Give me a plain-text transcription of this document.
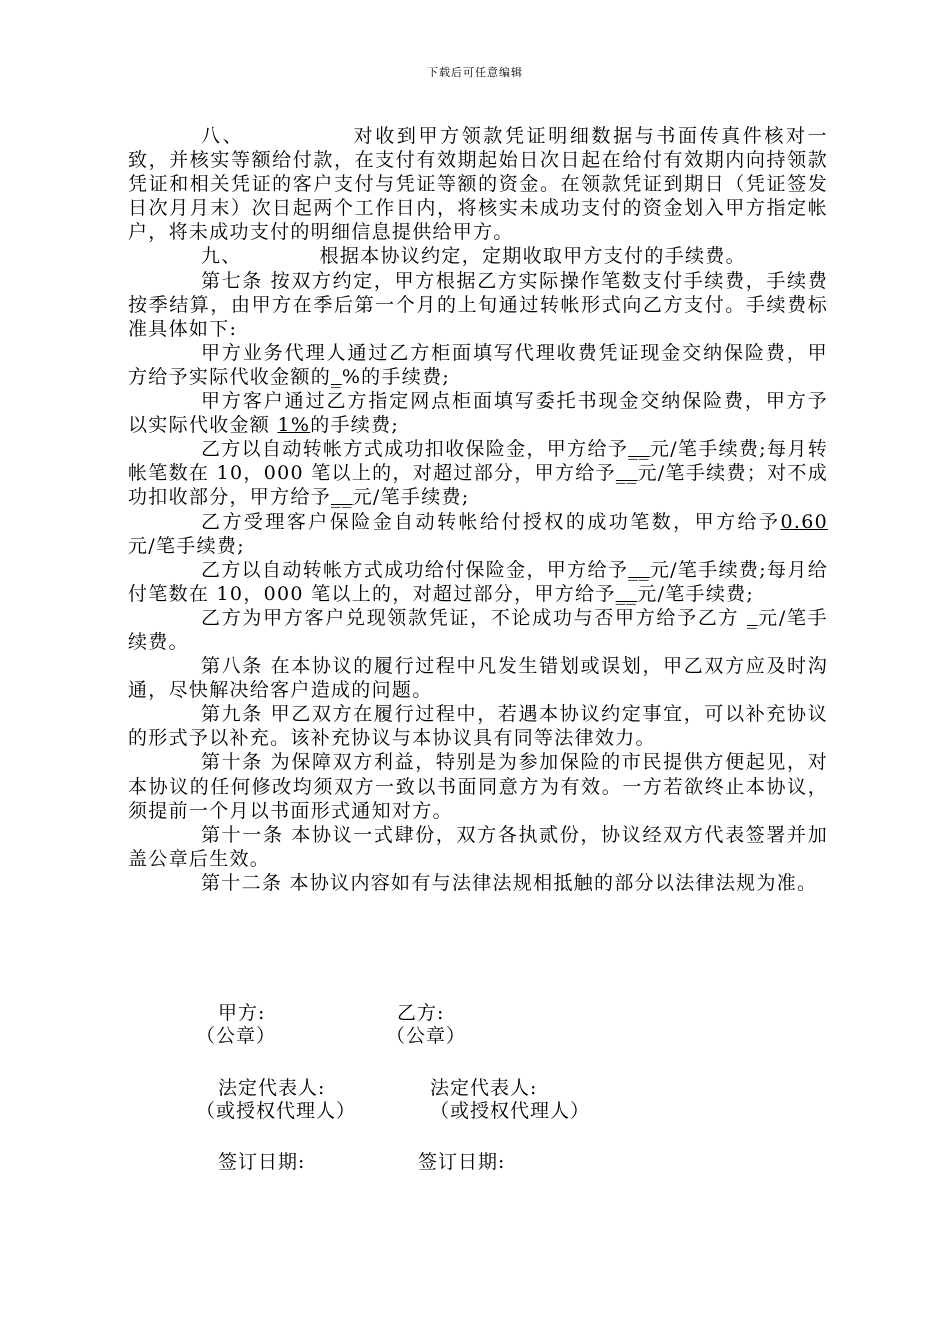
下载后可任意编辑

八、	对收到甲方领款凭证明细数据与书面传真件核对一致，并核实等额给付款，在支付有效期起始日次日起在给付有效期内向持领款凭证和相关凭证的客户支付与凭证等额的资金。在领款凭证到期日（凭证签发日次月月末）次日起两个工作日内，将核实未成功支付的资金划入甲方指定帐户，将未成功支付的明细信息提供给甲方。

九、	根据本协议约定，定期收取甲方支付的手续费。

第七条 按双方约定，甲方根据乙方实际操作笔数支付手续费，手续费按季结算，由甲方在季后第一个月的上旬通过转帐形式向乙方支付。手续费标准具体如下:

甲方业务代理人通过乙方柜面填写代理收费凭证现金交纳保险费，甲方给予实际代收金额的_%的手续费;

甲方客户通过乙方指定网点柜面填写委托书现金交纳保险费，甲方予以实际代收金额 1%的手续费;

乙方以自动转帐方式成功扣收保险金，甲方给予__元/笔手续费;每月转帐笔数在 10，000 笔以上的，对超过部分，甲方给予__元/笔手续费；对不成功扣收部分，甲方给予__元/笔手续费;

乙方受理客户保险金自动转帐给付授权的成功笔数，甲方给予0.60 元/笔手续费;

乙方以自动转帐方式成功给付保险金，甲方给予__元/笔手续费;每月给付笔数在 10，000 笔以上的，对超过部分，甲方给予__元/笔手续费;

乙方为甲方客户兑现领款凭证，不论成功与否甲方给予乙方 _元/笔手续费。

第八条 在本协议的履行过程中凡发生错划或误划，甲乙双方应及时沟通，尽快解决给客户造成的问题。

第九条 甲乙双方在履行过程中，若遇本协议约定事宜，可以补充协议的形式予以补充。该补充协议与本协议具有同等法律效力。

第十条 为保障双方利益，特别是为参加保险的市民提供方便起见，对本协议的任何修改均须双方一致以书面同意方为有效。一方若欲终止本协议，须提前一个月以书面形式通知对方。

第十一条 本协议一式肆份，双方各执贰份，协议经双方代表签署并加盖公章后生效。

第十二条 本协议内容如有与法律法规相抵触的部分以法律法规为准。

甲方:	乙方:
（公章）	（公章）
法定代表人:	法定代表人:
（或授权代理人）	（或授权代理人）
签订日期:	签订日期:
